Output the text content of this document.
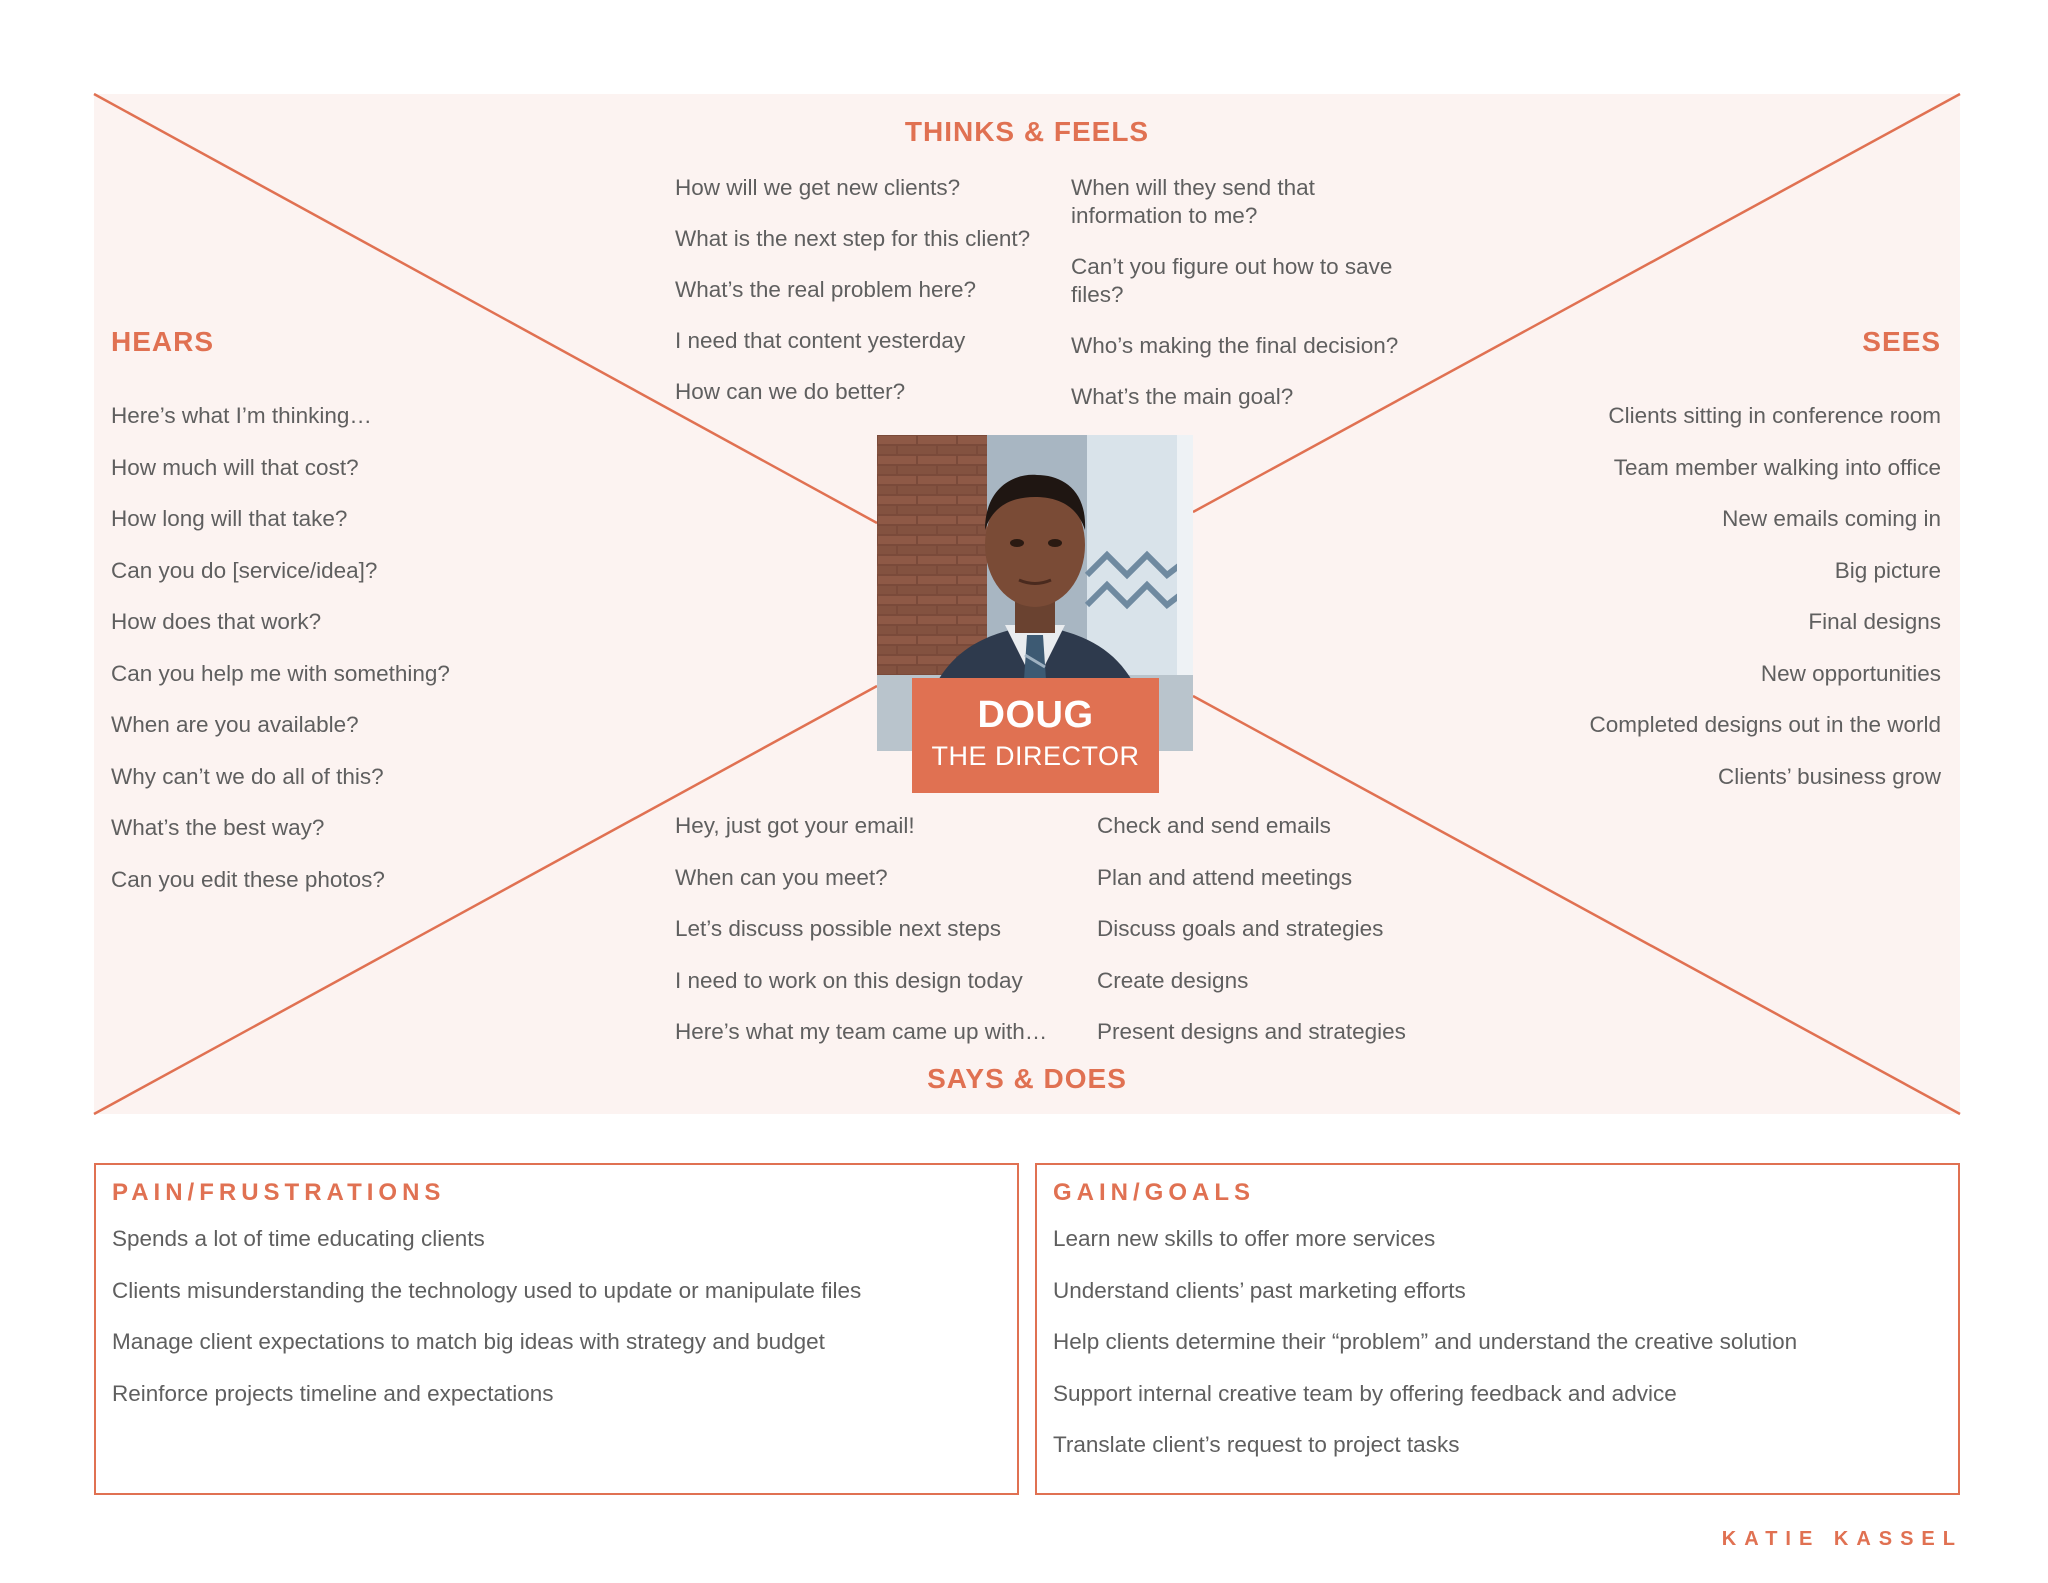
THINKS & FEELS
How will we get new clients?
What is the next step for this client?
What’s the real problem here?
I need that content yesterday
How can we do better?
When will they send that information to me?
Can’t you figure out how to save files?
Who’s making the final decision?
What’s the main goal?
HEARS
Here’s what I’m thinking…
How much will that cost?
How long will that take?
Can you do [service/idea]?
How does that work?
Can you help me with something?
When are you available?
Why can’t we do all of this?
What’s the best way?
Can you edit these photos?
SEES
Clients sitting in conference room
Team member walking into office
New emails coming in
Big picture
Final designs
New opportunities
Completed designs out in the world
Clients’ business grow
DOUG
THE DIRECTOR
Hey, just got your email!
When can you meet?
Let’s discuss possible next steps
I need to work on this design today
Here’s what my team came up with…
Check and send emails
Plan and attend meetings
Discuss goals and strategies
Create designs
Present designs and strategies
SAYS & DOES
PAIN/FRUSTRATIONS
Spends a lot of time educating clients
Clients misunderstanding the technology used to update or manipulate files
Manage client expectations to match big ideas with strategy and budget
Reinforce projects timeline and expectations
GAIN/GOALS
Learn new skills to offer more services
Understand clients’ past marketing efforts
Help clients determine their “problem” and understand the creative solution
Support internal creative team by offering feedback and advice
Translate client’s request to project tasks
KATIE KASSEL
